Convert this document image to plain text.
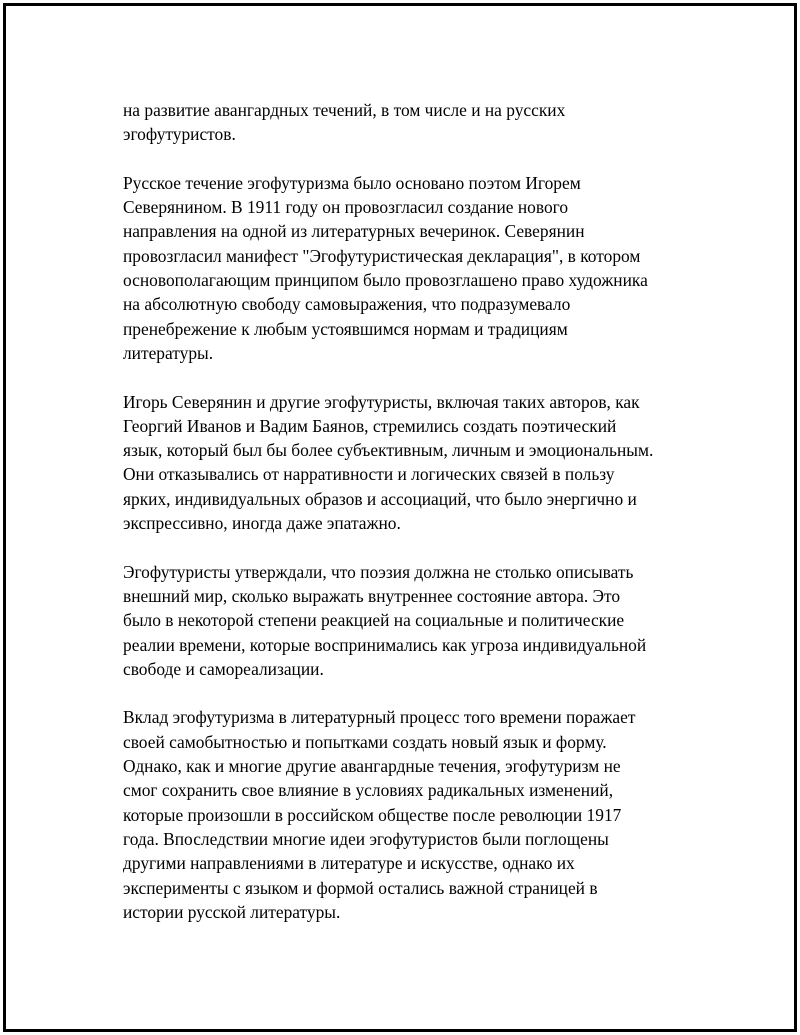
на развитие авангардных течений, в том числе и на русских
эгофутуристов.

Русское течение эгофутуризма было основано поэтом Игорем
Северянином. В 1911 году он провозгласил создание нового
направления на одной из литературных вечеринок. Северянин
провозгласил манифест "Эгофутуристическая декларация", в котором
основополагающим принципом было провозглашено право художника
на абсолютную свободу самовыражения, что подразумевало
пренебрежение к любым устоявшимся нормам и традициям
литературы.

Игорь Северянин и другие эгофутуристы, включая таких авторов, как
Георгий Иванов и Вадим Баянов, стремились создать поэтический
язык, который был бы более субъективным, личным и эмоциональным.
Они отказывались от нарративности и логических связей в пользу
ярких, индивидуальных образов и ассоциаций, что было энергично и
экспрессивно, иногда даже эпатажно.

Эгофутуристы утверждали, что поэзия должна не столько описывать
внешний мир, сколько выражать внутреннее состояние автора. Это
было в некоторой степени реакцией на социальные и политические
реалии времени, которые воспринимались как угроза индивидуальной
свободе и самореализации.

Вклад эгофутуризма в литературный процесс того времени поражает
своей самобытностью и попытками создать новый язык и форму.
Однако, как и многие другие авангардные течения, эгофутуризм не
смог сохранить свое влияние в условиях радикальных изменений,
которые произошли в российском обществе после революции 1917
года. Впоследствии многие идеи эгофутуристов были поглощены
другими направлениями в литературе и искусстве, однако их
эксперименты с языком и формой остались важной страницей в
истории русской литературы.
